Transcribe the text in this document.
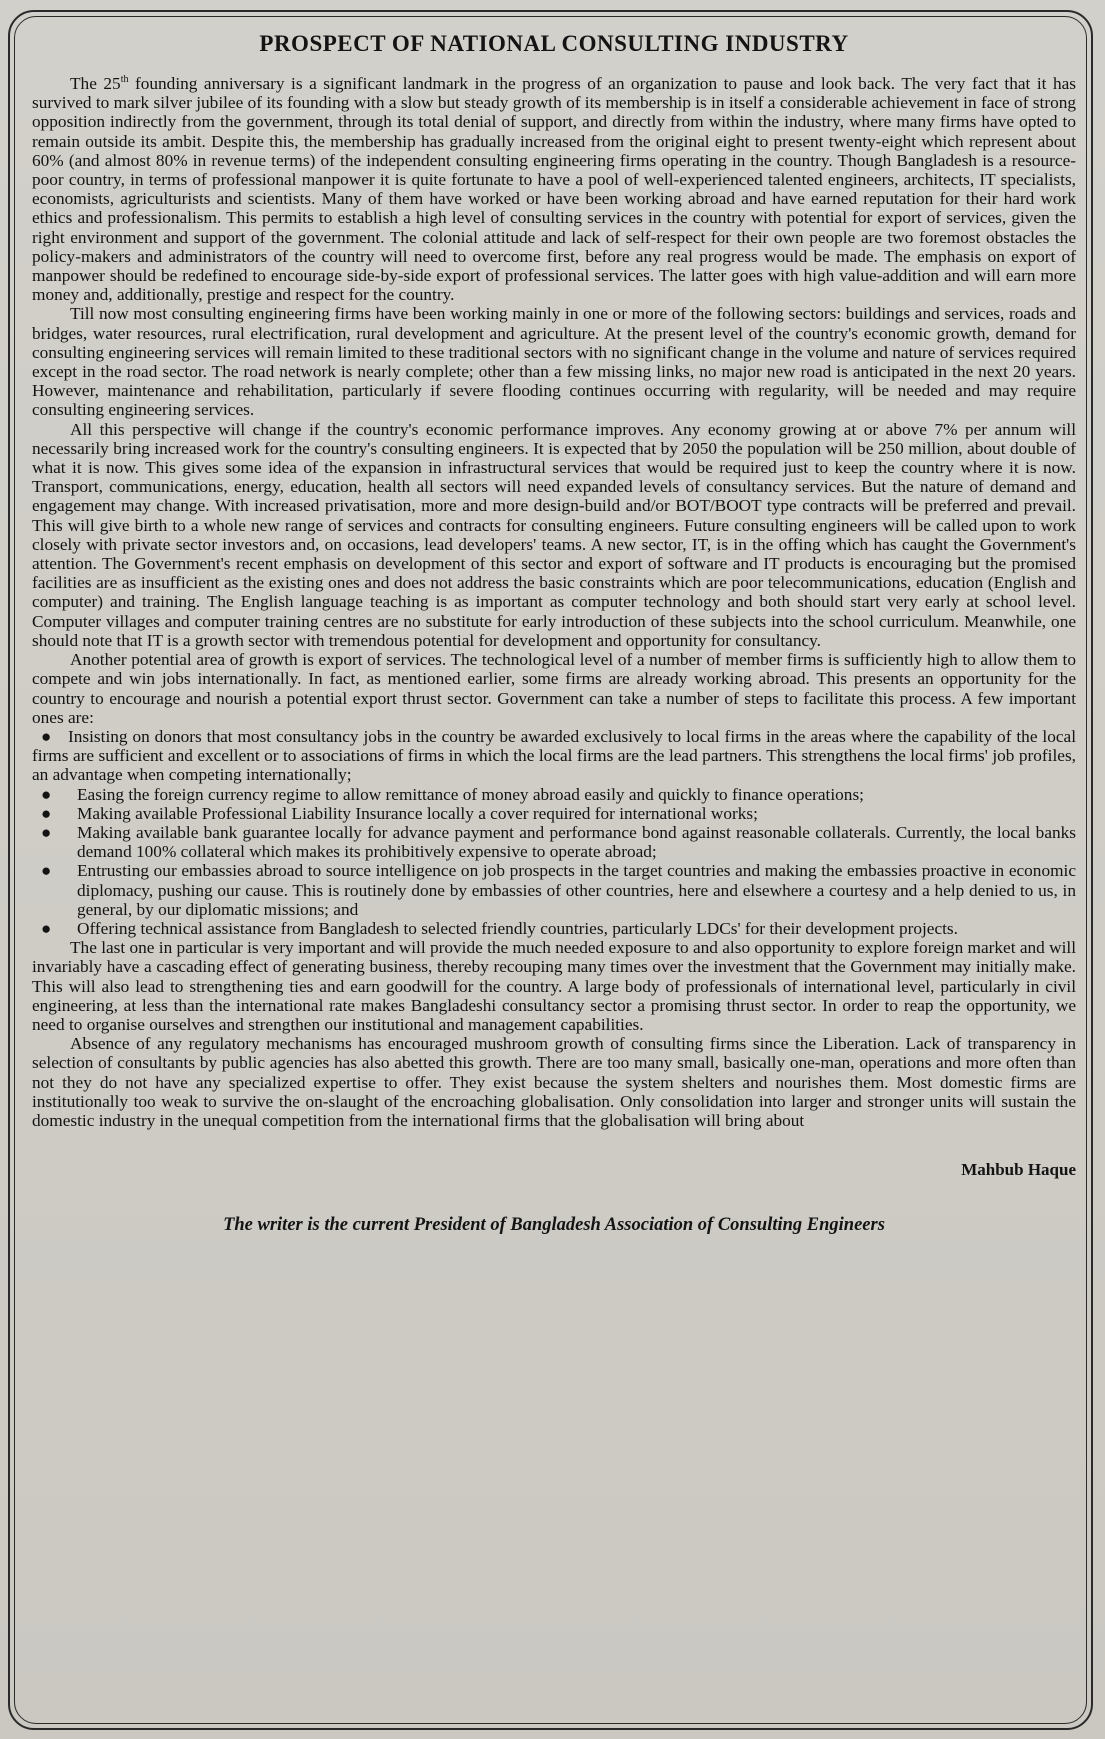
PROSPECT OF NATIONAL CONSULTING INDUSTRY

The 25th founding anniversary is a significant landmark in the progress of an organization to pause and look back. The very fact that it has survived to mark silver jubilee of its founding with a slow but steady growth of its membership is in itself a considerable achievement in face of strong opposition indirectly from the government, through its total denial of support, and directly from within the industry, where many firms have opted to remain outside its ambit. Despite this, the membership has gradually increased from the original eight to present twenty-eight which represent about 60% (and almost 80% in revenue terms) of the independent consulting engineering firms operating in the country. Though Bangladesh is a resource-poor country, in terms of professional manpower it is quite fortunate to have a pool of well-experienced talented engineers, architects, IT specialists, economists, agriculturists and scientists. Many of them have worked or have been working abroad and have earned reputation for their hard work ethics and professionalism. This permits to establish a high level of consulting services in the country with potential for export of services, given the right environment and support of the government. The colonial attitude and lack of self-respect for their own people are two foremost obstacles the policy-makers and administrators of the country will need to overcome first, before any real progress would be made. The emphasis on export of manpower should be redefined to encourage side-by-side export of professional services. The latter goes with high value-addition and will earn more money and, additionally, prestige and respect for the country.

Till now most consulting engineering firms have been working mainly in one or more of the following sectors: buildings and services, roads and bridges, water resources, rural electrification, rural development and agriculture. At the present level of the country's economic growth, demand for consulting engineering services will remain limited to these traditional sectors with no significant change in the volume and nature of services required except in the road sector. The road network is nearly complete; other than a few missing links, no major new road is anticipated in the next 20 years. However, maintenance and rehabilitation, particularly if severe flooding continues occurring with regularity, will be needed and may require consulting engineering services.

All this perspective will change if the country's economic performance improves. Any economy growing at or above 7% per annum will necessarily bring increased work for the country's consulting engineers. It is expected that by 2050 the population will be 250 million, about double of what it is now. This gives some idea of the expansion in infrastructural services that would be required just to keep the country where it is now. Transport, communications, energy, education, health all sectors will need expanded levels of consultancy services. But the nature of demand and engagement may change. With increased privatisation, more and more design-build and/or BOT/BOOT type contracts will be preferred and prevail. This will give birth to a whole new range of services and contracts for consulting engineers. Future consulting engineers will be called upon to work closely with private sector investors and, on occasions, lead developers' teams. A new sector, IT, is in the offing which has caught the Government's attention. The Government's recent emphasis on development of this sector and export of software and IT products is encouraging but the promised facilities are as insufficient as the existing ones and does not address the basic constraints which are poor telecommunications, education (English and computer) and training. The English language teaching is as important as computer technology and both should start very early at school level. Computer villages and computer training centres are no substitute for early introduction of these subjects into the school curriculum. Meanwhile, one should note that IT is a growth sector with tremendous potential for development and opportunity for consultancy.

Another potential area of growth is export of services. The technological level of a number of member firms is sufficiently high to allow them to compete and win jobs internationally. In fact, as mentioned earlier, some firms are already working abroad. This presents an opportunity for the country to encourage and nourish a potential export thrust sector. Government can take a number of steps to facilitate this process. A few important ones are:

● Insisting on donors that most consultancy jobs in the country be awarded exclusively to local firms in the areas where the capability of the local firms are sufficient and excellent or to associations of firms in which the local firms are the lead partners. This strengthens the local firms' job profiles, an advantage when competing internationally;
● Easing the foreign currency regime to allow remittance of money abroad easily and quickly to finance operations;
● Making available Professional Liability Insurance locally a cover required for international works;
● Making available bank guarantee locally for advance payment and performance bond against reasonable collaterals. Currently, the local banks demand 100% collateral which makes its prohibitively expensive to operate abroad;
● Entrusting our embassies abroad to source intelligence on job prospects in the target countries and making the embassies proactive in economic diplomacy, pushing our cause. This is routinely done by embassies of other countries, here and elsewhere a courtesy and a help denied to us, in general, by our diplomatic missions; and
● Offering technical assistance from Bangladesh to selected friendly countries, particularly LDCs' for their development projects.

The last one in particular is very important and will provide the much needed exposure to and also opportunity to explore foreign market and will invariably have a cascading effect of generating business, thereby recouping many times over the investment that the Government may initially make. This will also lead to strengthening ties and earn goodwill for the country. A large body of professionals of international level, particularly in civil engineering, at less than the international rate makes Bangladeshi consultancy sector a promising thrust sector. In order to reap the opportunity, we need to organise ourselves and strengthen our institutional and management capabilities.

Absence of any regulatory mechanisms has encouraged mushroom growth of consulting firms since the Liberation. Lack of transparency in selection of consultants by public agencies has also abetted this growth. There are too many small, basically one-man, operations and more often than not they do not have any specialized expertise to offer. They exist because the system shelters and nourishes them. Most domestic firms are institutionally too weak to survive the on-slaught of the encroaching globalisation. Only consolidation into larger and stronger units will sustain the domestic industry in the unequal competition from the international firms that the globalisation will bring about

Mahbub Haque
The writer is the current President of Bangladesh Association of Consulting Engineers
